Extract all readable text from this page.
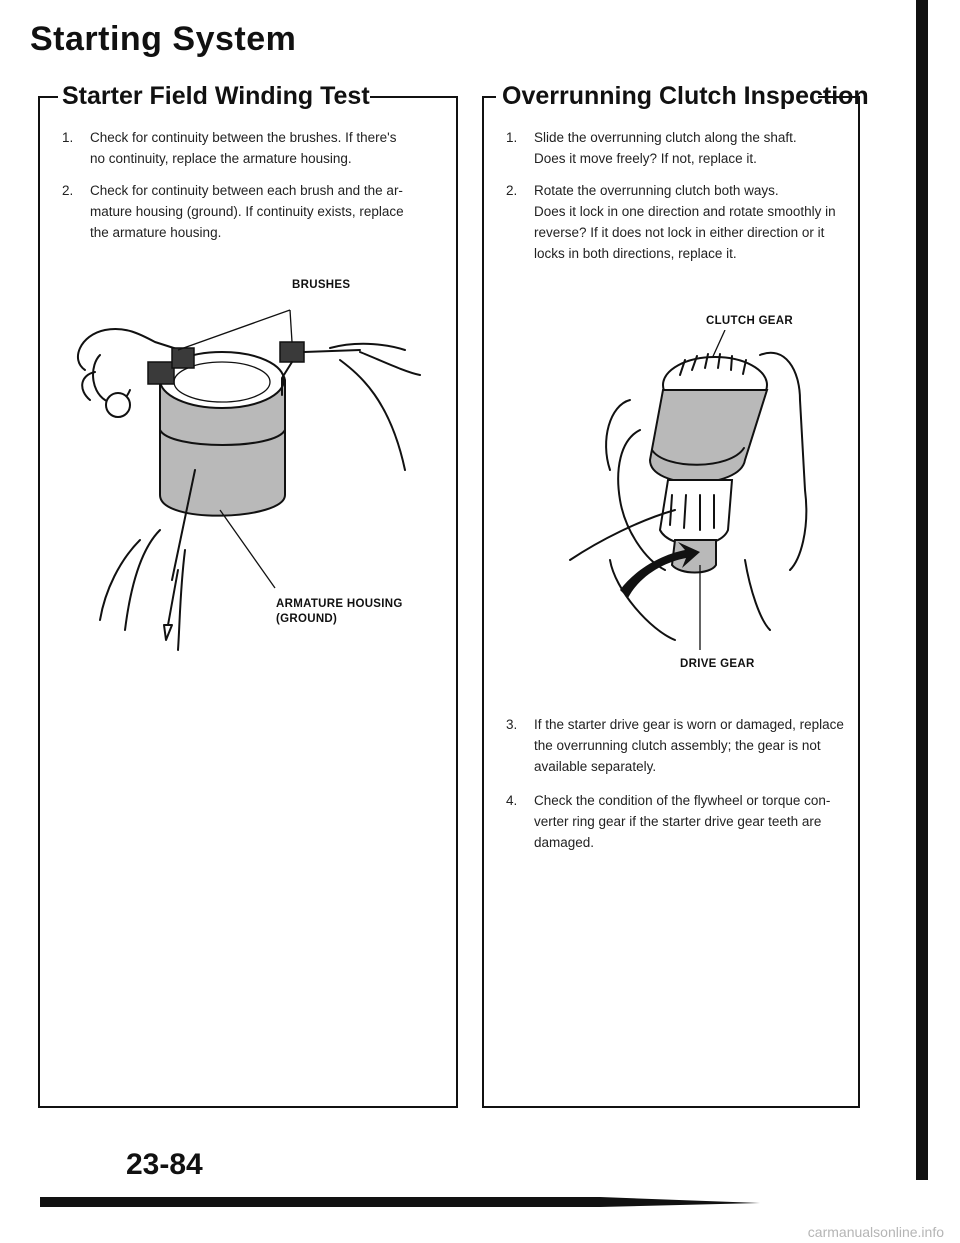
Starting System
Starter Field Winding Test
1. Check for continuity between the brushes. If there's
no continuity, replace the armature housing.
2. Check for continuity between each brush and the ar-
mature housing (ground). If continuity exists, replace
the armature housing.
BRUSHES
ARMATURE HOUSING
(GROUND)
Overrunning Clutch Inspection
1. Slide the overrunning clutch along the shaft.
Does it move freely? If not, replace it.
2. Rotate the overrunning clutch both ways.
Does it lock in one direction and rotate smoothly in
reverse? If it does not lock in either direction or it
locks in both directions, replace it.
CLUTCH GEAR
DRIVE GEAR
3. If the starter drive gear is worn or damaged, replace
the overrunning clutch assembly; the gear is not
available separately.
4. Check the condition of the flywheel or torque con-
verter ring gear if the starter drive gear teeth are
damaged.
23-84
carmanualsonline.info
